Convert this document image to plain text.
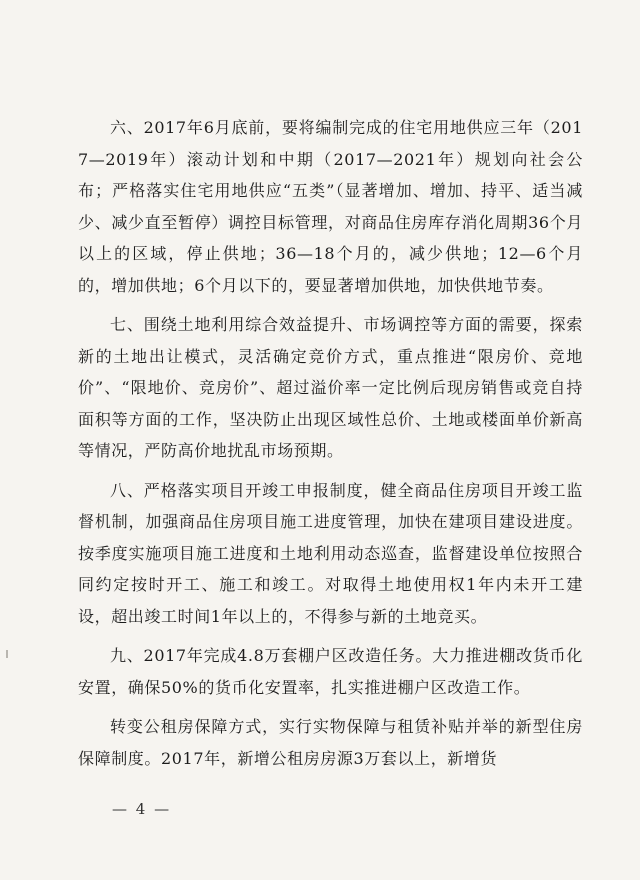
六、2017年6月底前，要将编制完成的住宅用地供应三年（2017—2019年）滚动计划和中期（2017—2021年）规划向社会公布；严格落实住宅用地供应“五类”（显著增加、增加、持平、适当减少、减少直至暂停）调控目标管理，对商品住房库存消化周期36个月以上的区域，停止供地；36—18个月的，减少供地；12—6个月的，增加供地；6个月以下的，要显著增加供地，加快供地节奏。

七、围绕土地利用综合效益提升、市场调控等方面的需要，探索新的土地出让模式，灵活确定竞价方式，重点推进“限房价、竞地价”、“限地价、竞房价”、超过溢价率一定比例后现房销售或竞自持面积等方面的工作，坚决防止出现区域性总价、土地或楼面单价新高等情况，严防高价地扰乱市场预期。

八、严格落实项目开竣工申报制度，健全商品住房项目开竣工监督机制，加强商品住房项目施工进度管理，加快在建项目建设进度。按季度实施项目施工进度和土地利用动态巡查，监督建设单位按照合同约定按时开工、施工和竣工。对取得土地使用权1年内未开工建设，超出竣工时间1年以上的，不得参与新的土地竞买。

九、2017年完成4.8万套棚户区改造任务。大力推进棚改货币化安置，确保50%的货币化安置率，扎实推进棚户区改造工作。

转变公租房保障方式，实行实物保障与租赁补贴并举的新型住房保障制度。2017年，新增公租房房源3万套以上，新增货

— 4 —
